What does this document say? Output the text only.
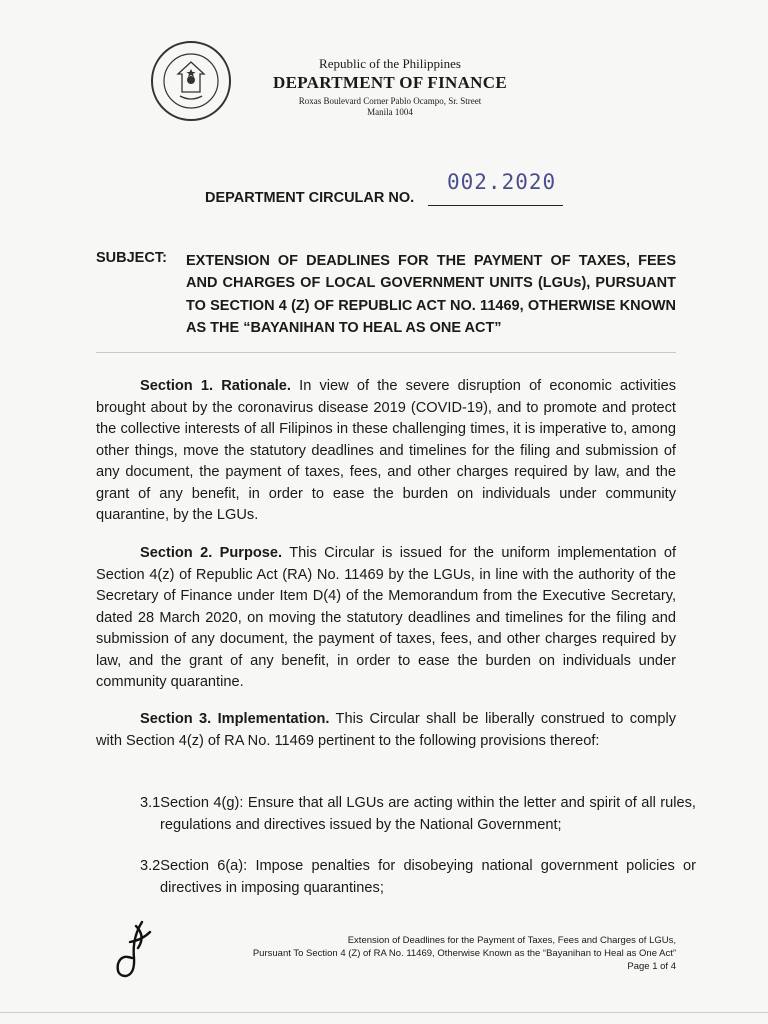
Republic of the Philippines
DEPARTMENT OF FINANCE
Roxas Boulevard Corner Pablo Ocampo, Sr. Street
Manila 1004
DEPARTMENT CIRCULAR NO.
002.2020
SUBJECT: EXTENSION OF DEADLINES FOR THE PAYMENT OF TAXES, FEES AND CHARGES OF LOCAL GOVERNMENT UNITS (LGUs), PURSUANT TO SECTION 4 (Z) OF REPUBLIC ACT NO. 11469, OTHERWISE KNOWN AS THE “BAYANIHAN TO HEAL AS ONE ACT”
Section 1. Rationale. In view of the severe disruption of economic activities brought about by the coronavirus disease 2019 (COVID-19), and to promote and protect the collective interests of all Filipinos in these challenging times, it is imperative to, among other things, move the statutory deadlines and timelines for the filing and submission of any document, the payment of taxes, fees, and other charges required by law, and the grant of any benefit, in order to ease the burden on individuals under community quarantine, by the LGUs.
Section 2. Purpose. This Circular is issued for the uniform implementation of Section 4(z) of Republic Act (RA) No. 11469 by the LGUs, in line with the authority of the Secretary of Finance under Item D(4) of the Memorandum from the Executive Secretary, dated 28 March 2020, on moving the statutory deadlines and timelines for the filing and submission of any document, the payment of taxes, fees, and other charges required by law, and the grant of any benefit, in order to ease the burden on individuals under community quarantine.
Section 3. Implementation. This Circular shall be liberally construed to comply with Section 4(z) of RA No. 11469 pertinent to the following provisions thereof:
3.1Section 4(g): Ensure that all LGUs are acting within the letter and spirit of all rules, regulations and directives issued by the National Government;
3.2Section 6(a): Impose penalties for disobeying national government policies or directives in imposing quarantines;
Extension of Deadlines for the Payment of Taxes, Fees and Charges of LGUs,
Pursuant To Section 4 (Z) of RA No. 11469, Otherwise Known as the “Bayanihan to Heal as One Act”
Page 1 of 4
